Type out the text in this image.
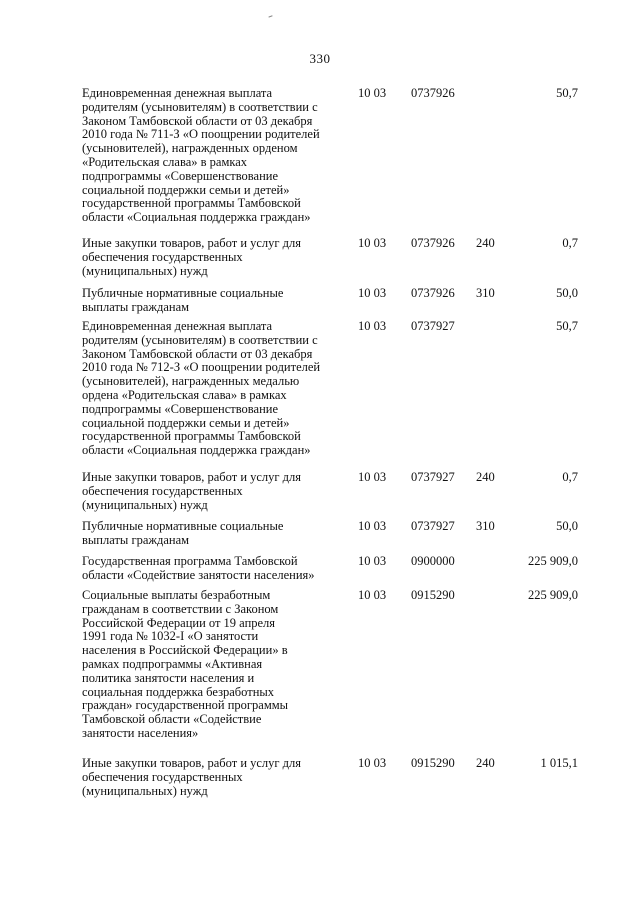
330
Единовременная денежная выплата
родителям (усыновителям) в соответствии с
Законом Тамбовской области от 03 декабря
2010 года № 711-З «О поощрении родителей
(усыновителей), награжденных орденом
«Родительская слава» в рамках
подпрограммы «Совершенствование
социальной поддержки семьи и детей»
государственной программы Тамбовской
области «Социальная поддержка граждан»
10 03 0737926	50,7
Иные закупки товаров, работ и услуг для
обеспечения государственных
(муниципальных) нужд
10 03 0737926 240	0,7
Публичные нормативные социальные
выплаты гражданам
10 03 0737926 310	50,0
Единовременная денежная выплата
родителям (усыновителям) в соответствии с
Законом Тамбовской области от 03 декабря
2010 года № 712-З «О поощрении родителей
(усыновителей), награжденных медалью
ордена «Родительская слава» в рамках
подпрограммы «Совершенствование
социальной поддержки семьи и детей»
государственной программы Тамбовской
области «Социальная поддержка граждан»
10 03 0737927	50,7
Иные закупки товаров, работ и услуг для
обеспечения государственных
(муниципальных) нужд
10 03 0737927 240	0,7
Публичные нормативные социальные
выплаты гражданам
10 03 0737927 310	50,0
Государственная программа Тамбовской
области «Содействие занятости населения»
10 03 0900000	225 909,0
Социальные выплаты безработным
гражданам в соответствии с Законом
Российской Федерации от 19 апреля
1991 года № 1032-I «О занятости
населения в Российской Федерации» в
рамках подпрограммы «Активная
политика занятости населения и
социальная поддержка безработных
граждан» государственной программы
Тамбовской области «Содействие
занятости населения»
10 03 0915290	225 909,0
Иные закупки товаров, работ и услуг для
обеспечения государственных
(муниципальных) нужд
10 03 0915290 240	1 015,1
